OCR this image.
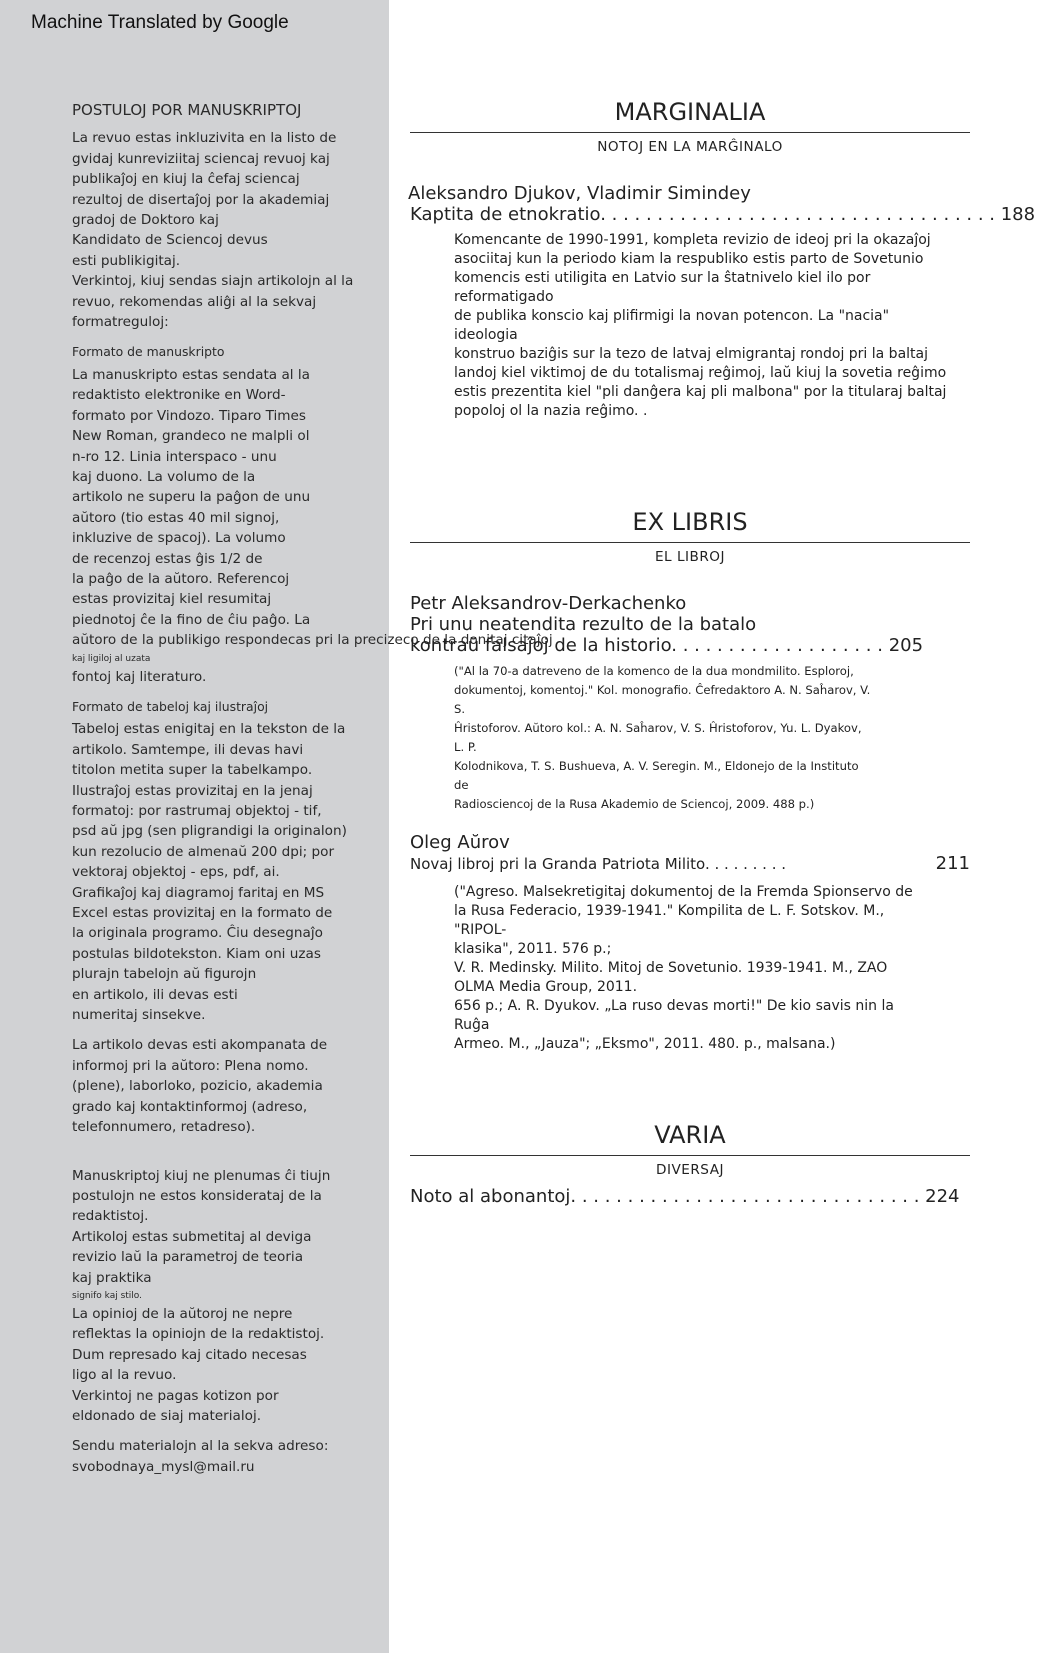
Machine Translated by Google

POSTULOJ POR MANUSKRIPTOJ

La revuo estas inkluzivita en la listo de

gvidaj kunreviziitaj sciencaj revuoj kaj

publikaĵoj en kiuj la ĉefaj sciencaj

rezultoj de disertaĵoj por la akademiaj

gradoj de Doktoro kaj

Kandidato de Sciencoj devus

esti publikigitaj.

Verkintoj, kiuj sendas siajn artikolojn al la

revuo, rekomendas aliĝi al la sekvaj

formatreguloj:

Formato de manuskripto

La manuskripto estas sendata al la

redaktisto elektronike en Word-

formato por Vindozo. Tiparo Times

New Roman, grandeco ne malpli ol

n-ro 12. Linia interspaco - unu

kaj duono. La volumo de la

artikolo ne superu la paĝon de unu

aŭtoro (tio estas 40 mil signoj,

inkluzive de spacoj). La volumo

de recenzoj estas ĝis 1/2 de

la paĝo de la aŭtoro. Referencoj

estas provizitaj kiel resumitaj

piednotoj ĉe la fino de ĉiu paĝo. La

aŭtoro de la publikigo respondecas pri la precizeco de la donitaj citaĵoj

kaj ligiloj al uzata

fontoj kaj literaturo.

Formato de tabeloj kaj ilustraĵoj

Tabeloj estas enigitaj en la tekston de la

artikolo. Samtempe, ili devas havi

titolon metita super la tabelkampo.

Ilustraĵoj estas provizitaj en la jenaj

formatoj: por rastrumaj objektoj - tif,

psd aŭ jpg (sen pligrandigi la originalon)

kun rezolucio de almenaŭ 200 dpi; por

vektoraj objektoj - eps, pdf, ai.

Grafikaĵoj kaj diagramoj faritaj en MS

Excel estas provizitaj en la formato de

la originala programo. Ĉiu desegnaĵo

postulas bildotekston. Kiam oni uzas

plurajn tabelojn aŭ figurojn

en artikolo, ili devas esti

numeritaj sinsekve.

La artikolo devas esti akompanata de

informoj pri la aŭtoro: Plena nomo.

(plene), laborloko, pozicio, akademia

grado kaj kontaktinformoj (adreso,

telefonnumero, retadreso).

Manuskriptoj kiuj ne plenumas ĉi tiujn

postulojn ne estos konsiderataj de la

redaktistoj.

Artikoloj estas submetitaj al deviga

revizio laŭ la parametroj de teoria

kaj praktika

signifo kaj stilo.

La opinioj de la aŭtoroj ne nepre

reflektas la opiniojn de la redaktistoj.

Dum represado kaj citado necesas

ligo al la revuo.

Verkintoj ne pagas kotizon por

eldonado de siaj materialoj.

Sendu materialojn al la sekva adreso:

svobodnaya_mysl@mail.ru

MARGINALIA

NOTOJ EN LA MARĜINALO

Aleksandro Djukov, Vladimir Simindey

Kaptita de etnokratio. . . . . . . . . . . . . . . . . . . . . . . . . . . . . . . . . . . 188

Komencante de 1990-1991, kompleta revizio de ideoj pri la okazaĵoj

asociitaj kun la periodo kiam la respubliko estis parto de Sovetunio

komencis esti utiligita en Latvio sur la ŝtatnivelo kiel ilo por reformatigado

de publika konscio kaj plifirmigi la novan potencon. La "nacia" ideologia

konstruo baziĝis sur la tezo de latvaj elmigrantaj rondoj pri la baltaj

landoj kiel viktimoj de du totalismaj reĝimoj, laŭ kiuj la sovetia reĝimo

estis prezentita kiel "pli danĝera kaj pli malbona" por la titularaj baltaj

popoloj ol la nazia reĝimo. .

EX LIBRIS

EL LIBROJ

Petr Aleksandrov-Derkachenko

Pri unu neatendita rezulto de la batalo

kontraŭ falsaĵoj de la historio. . . . . . . . . . . . . . . . . . . 205

("Al la 70-a datreveno de la komenco de la dua mondmilito. Esploroj,

dokumentoj, komentoj." Kol. monografio. Ĉefredaktoro A. N. Saĥarov, V. S.

Ĥristoforov. Aŭtoro kol.: A. N. Saĥarov, V. S. Ĥristoforov, Yu. L. Dyakov, L. P.

Kolodnikova, T. S. Bushueva, A. V. Seregin. M., Eldonejo de la Instituto de

Radiosciencoj de la Rusa Akademio de Sciencoj, 2009. 488 p.)

Oleg Aŭrov

Novaj libroj pri la Granda Patriota Milito. . . . . . . . .	211

("Agreso. Malsekretigitaj dokumentoj de la Fremda Spionservo de

la Rusa Federacio, 1939-1941." Kompilita de L. F. Sotskov. M., "RIPOL-

klasika", 2011. 576 p.;

V. R. Medinsky. Milito. Mitoj de Sovetunio. 1939-1941. M., ZAO

OLMA Media Group, 2011.

656 p.; A. R. Dyukov. „La ruso devas morti!" De kio savis nin la Ruĝa

Armeo. M., „Jauza"; „Eksmo", 2011. 480. p., malsana.)

VARIA

DIVERSAJ

Noto al abonantoj. . . . . . . . . . . . . . . . . . . . . . . . . . . . . . . 224
